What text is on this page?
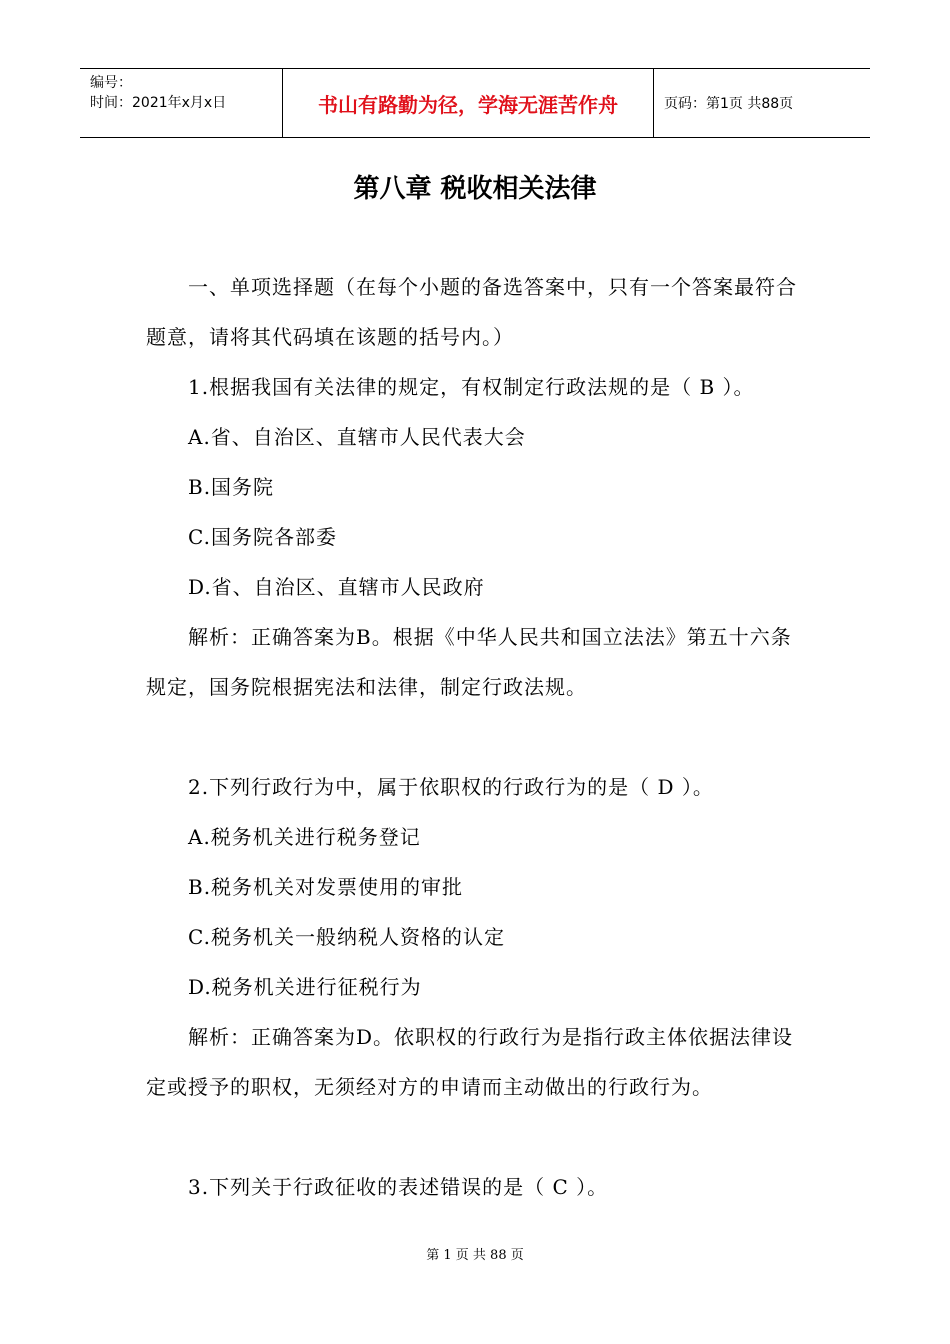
编号：
时间：2021年x月x日	书山有路勤为径，学海无涯苦作舟	页码：第1页 共88页
第八章 税收相关法律

一、单项选择题（在每个小题的备选答案中，只有一个答案最符合题意，请将其代码填在该题的括号内。）

1.根据我国有关法律的规定，有权制定行政法规的是（ B ）。

A.省、自治区、直辖市人民代表大会

B.国务院

C.国务院各部委

D.省、自治区、直辖市人民政府

解析：正确答案为B。根据《中华人民共和国立法法》第五十六条规定，国务院根据宪法和法律，制定行政法规。

2.下列行政行为中，属于依职权的行政行为的是（ D ）。

A.税务机关进行税务登记

B.税务机关对发票使用的审批

C.税务机关一般纳税人资格的认定

D.税务机关进行征税行为

解析：正确答案为D。依职权的行政行为是指行政主体依据法律设定或授予的职权，无须经对方的申请而主动做出的行政行为。

3.下列关于行政征收的表述错误的是（ C ）。

第 1 页 共 88 页
